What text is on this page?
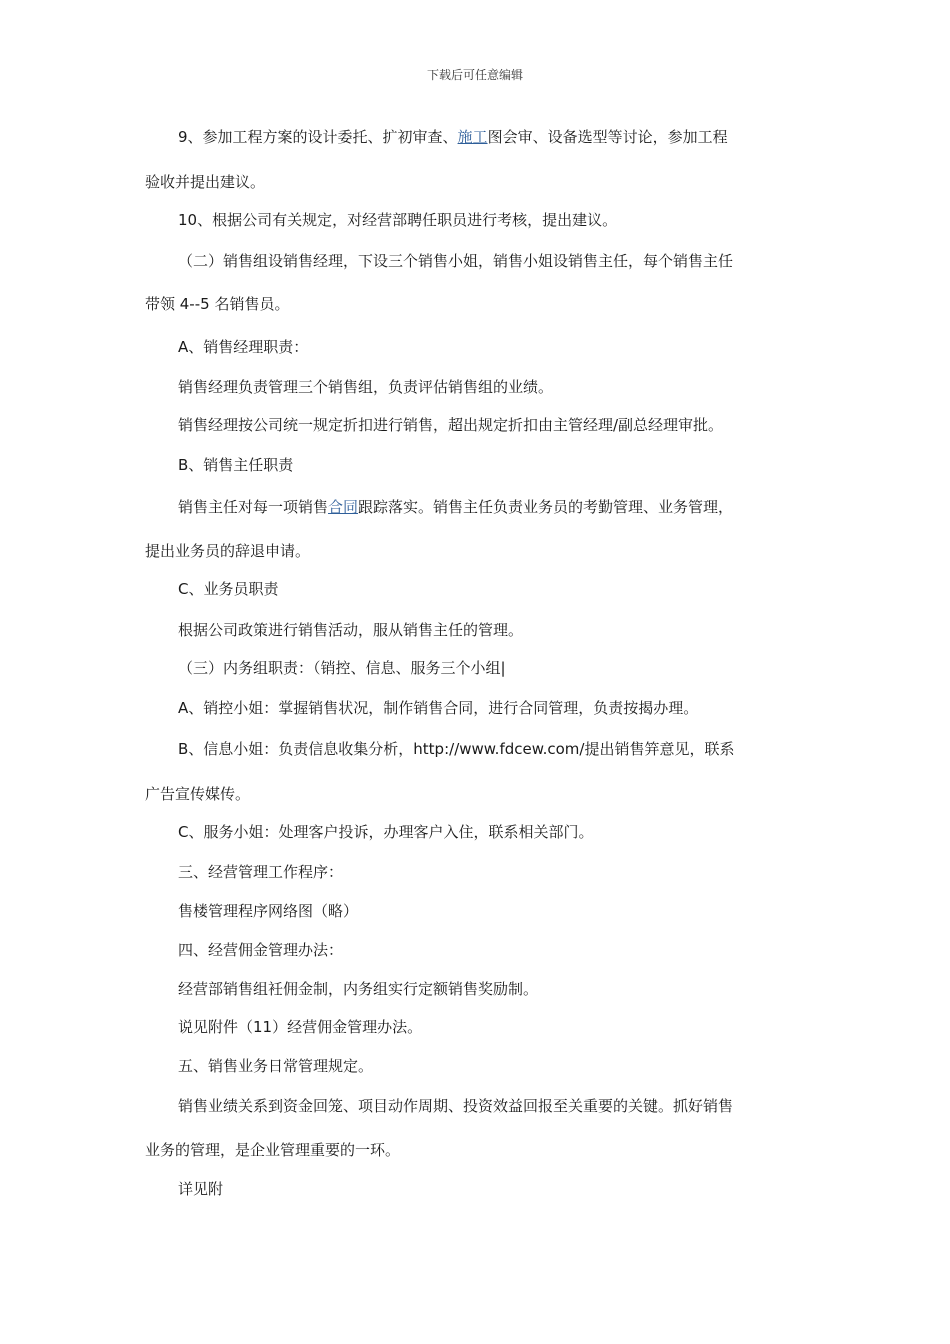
下载后可任意编辑
9、参加工程方案的设计委托、扩初审查、施工图会审、设备选型等讨论，参加工程
验收并提出建议。
10、根据公司有关规定，对经营部聘任职员进行考核，提出建议。
（二）销售组设销售经理，下设三个销售小姐，销售小姐设销售主任，每个销售主任
带领 4--5 名销售员。
A、销售经理职责：
销售经理负责管理三个销售组，负责评估销售组的业绩。
销售经理按公司统一规定折扣进行销售，超出规定折扣由主管经理/副总经理审批。
B、销售主任职责
销售主任对每一项销售合同跟踪落实。销售主任负责业务员的考勤管理、业务管理，
提出业务员的辞退申请。
C、业务员职责
根据公司政策进行销售活动，服从销售主任的管理。
（三）内务组职责：（销控、信息、服务三个小组|
A、销控小姐：掌握销售状况，制作销售合同，进行合同管理，负责按揭办理。
B、信息小姐：负责信息收集分析，http://www.fdcew.com/提出销售笄意见，联系
广告宣传媒传。
C、服务小姐：处理客户投诉，办理客户入住，联系相关部门。
三、经营管理工作程序：
售楼管理程序网络图（略）
四、经营佣金管理办法：
经营部销售组衽佣金制，内务组实行定额销售奖励制。
说见附件（11）经营佣金管理办法。
五、销售业务日常管理规定。
销售业绩关系到资金回笼、项目动作周期、投资效益回报至关重要的关键。抓好销售
业务的管理，是企业管理重要的一环。
详见附
